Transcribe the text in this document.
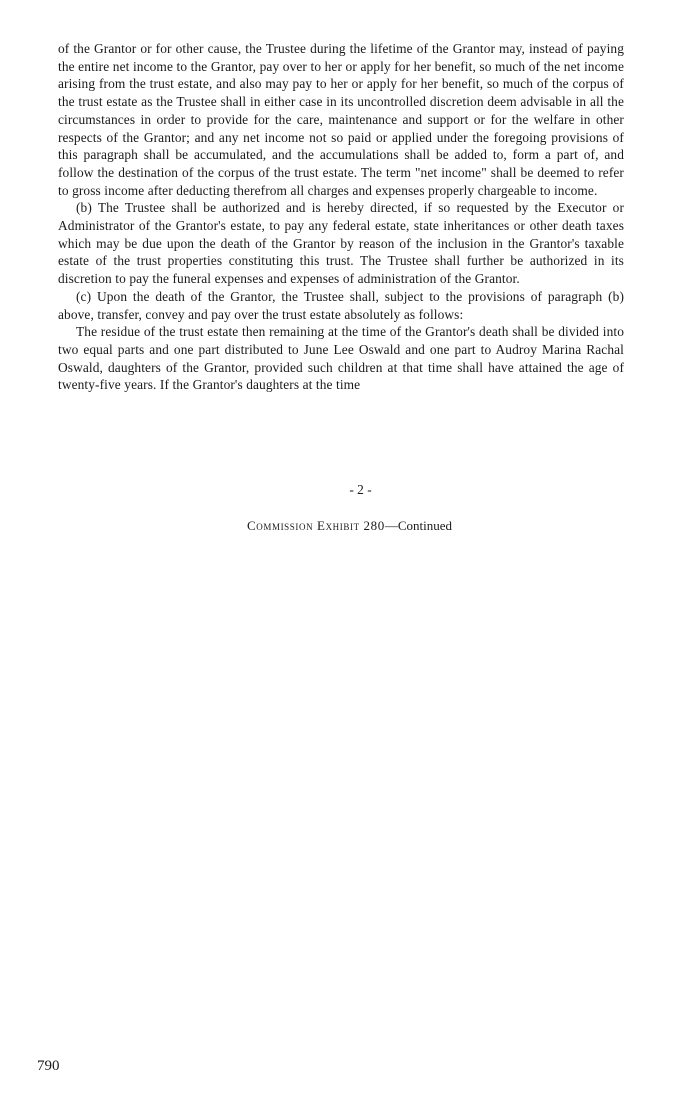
of the Grantor or for other cause, the Trustee during the lifetime of the Grantor may, instead of paying the entire net income to the Grantor, pay over to her or apply for her benefit, so much of the net income arising from the trust estate, and also may pay to her or apply for her benefit, so much of the corpus of the trust estate as the Trustee shall in either case in its uncontrolled discretion deem advisable in all the circumstances in order to provide for the care, maintenance and support or for the welfare in other respects of the Grantor; and any net income not so paid or applied under the foregoing provisions of this paragraph shall be accumulated, and the accumulations shall be added to, form a part of, and follow the destination of the corpus of the trust estate. The term "net income" shall be deemed to refer to gross income after deducting therefrom all charges and expenses properly chargeable to income.

(b) The Trustee shall be authorized and is hereby directed, if so requested by the Executor or Administrator of the Grantor's estate, to pay any federal estate, state inheritances or other death taxes which may be due upon the death of the Grantor by reason of the inclusion in the Grantor's taxable estate of the trust properties constituting this trust. The Trustee shall further be authorized in its discretion to pay the funeral expenses and expenses of administration of the Grantor.

(c) Upon the death of the Grantor, the Trustee shall, subject to the provisions of paragraph (b) above, transfer, convey and pay over the trust estate absolutely as follows:

The residue of the trust estate then remaining at the time of the Grantor's death shall be divided into two equal parts and one part distributed to June Lee Oswald and one part to Audroy Marina Rachal Oswald, daughters of the Grantor, provided such children at that time shall have attained the age of twenty-five years. If the Grantor's daughters at the time

- 2 -
Commission Exhibit 280—Continued
790
